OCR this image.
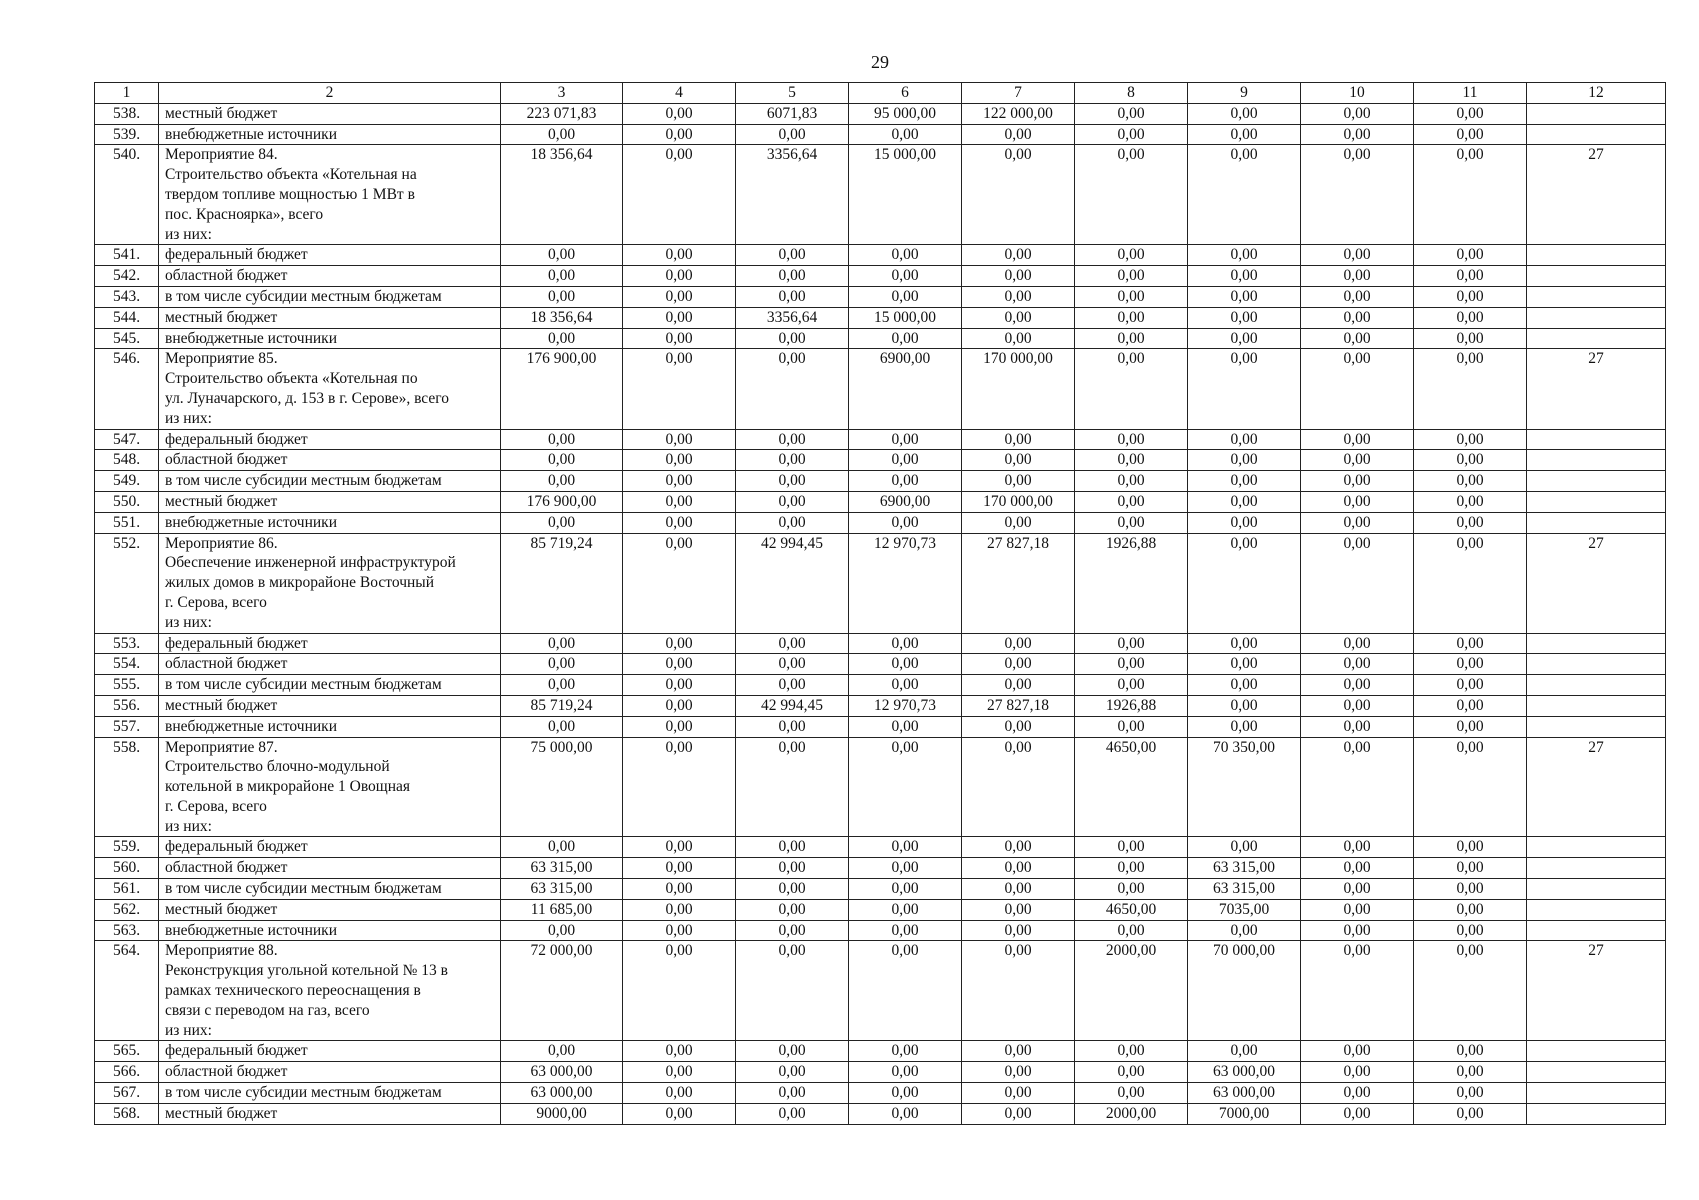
29
1	2	3	4	5	6	7	8	9	10	11	12
538.	местный бюджет	223 071,83	0,00	6071,83	95 000,00	122 000,00	0,00	0,00	0,00	0,00	
539.	внебюджетные источники	0,00	0,00	0,00	0,00	0,00	0,00	0,00	0,00	0,00	
540.	Мероприятие 84.
Строительство объекта «Котельная на
твердом топливе мощностью 1 МВт в
пос. Красноярка», всего
из них:	18 356,64	0,00	3356,64	15 000,00	0,00	0,00	0,00	0,00	0,00	27
541.	федеральный бюджет	0,00	0,00	0,00	0,00	0,00	0,00	0,00	0,00	0,00	
542.	областной бюджет	0,00	0,00	0,00	0,00	0,00	0,00	0,00	0,00	0,00	
543.	в том числе субсидии местным бюджетам	0,00	0,00	0,00	0,00	0,00	0,00	0,00	0,00	0,00	
544.	местный бюджет	18 356,64	0,00	3356,64	15 000,00	0,00	0,00	0,00	0,00	0,00	
545.	внебюджетные источники	0,00	0,00	0,00	0,00	0,00	0,00	0,00	0,00	0,00	
546.	Мероприятие 85.
Строительство объекта «Котельная по
ул. Луначарского, д. 153 в г. Серове», всего
из них:	176 900,00	0,00	0,00	6900,00	170 000,00	0,00	0,00	0,00	0,00	27
547.	федеральный бюджет	0,00	0,00	0,00	0,00	0,00	0,00	0,00	0,00	0,00	
548.	областной бюджет	0,00	0,00	0,00	0,00	0,00	0,00	0,00	0,00	0,00	
549.	в том числе субсидии местным бюджетам	0,00	0,00	0,00	0,00	0,00	0,00	0,00	0,00	0,00	
550.	местный бюджет	176 900,00	0,00	0,00	6900,00	170 000,00	0,00	0,00	0,00	0,00	
551.	внебюджетные источники	0,00	0,00	0,00	0,00	0,00	0,00	0,00	0,00	0,00	
552.	Мероприятие 86.
Обеспечение инженерной инфраструктурой
жилых домов в микрорайоне Восточный
г. Серова, всего
из них:	85 719,24	0,00	42 994,45	12 970,73	27 827,18	1926,88	0,00	0,00	0,00	27
553.	федеральный бюджет	0,00	0,00	0,00	0,00	0,00	0,00	0,00	0,00	0,00	
554.	областной бюджет	0,00	0,00	0,00	0,00	0,00	0,00	0,00	0,00	0,00	
555.	в том числе субсидии местным бюджетам	0,00	0,00	0,00	0,00	0,00	0,00	0,00	0,00	0,00	
556.	местный бюджет	85 719,24	0,00	42 994,45	12 970,73	27 827,18	1926,88	0,00	0,00	0,00	
557.	внебюджетные источники	0,00	0,00	0,00	0,00	0,00	0,00	0,00	0,00	0,00	
558.	Мероприятие 87.
Строительство блочно-модульной
котельной в микрорайоне 1 Овощная
г. Серова, всего
из них:	75 000,00	0,00	0,00	0,00	0,00	4650,00	70 350,00	0,00	0,00	27
559.	федеральный бюджет	0,00	0,00	0,00	0,00	0,00	0,00	0,00	0,00	0,00	
560.	областной бюджет	63 315,00	0,00	0,00	0,00	0,00	0,00	63 315,00	0,00	0,00	
561.	в том числе субсидии местным бюджетам	63 315,00	0,00	0,00	0,00	0,00	0,00	63 315,00	0,00	0,00	
562.	местный бюджет	11 685,00	0,00	0,00	0,00	0,00	4650,00	7035,00	0,00	0,00	
563.	внебюджетные источники	0,00	0,00	0,00	0,00	0,00	0,00	0,00	0,00	0,00	
564.	Мероприятие 88.
Реконструкция угольной котельной № 13 в
рамках технического переоснащения в
связи с переводом на газ, всего
из них:	72 000,00	0,00	0,00	0,00	0,00	2000,00	70 000,00	0,00	0,00	27
565.	федеральный бюджет	0,00	0,00	0,00	0,00	0,00	0,00	0,00	0,00	0,00	
566.	областной бюджет	63 000,00	0,00	0,00	0,00	0,00	0,00	63 000,00	0,00	0,00	
567.	в том числе субсидии местным бюджетам	63 000,00	0,00	0,00	0,00	0,00	0,00	63 000,00	0,00	0,00	
568.	местный бюджет	9000,00	0,00	0,00	0,00	0,00	2000,00	7000,00	0,00	0,00	
